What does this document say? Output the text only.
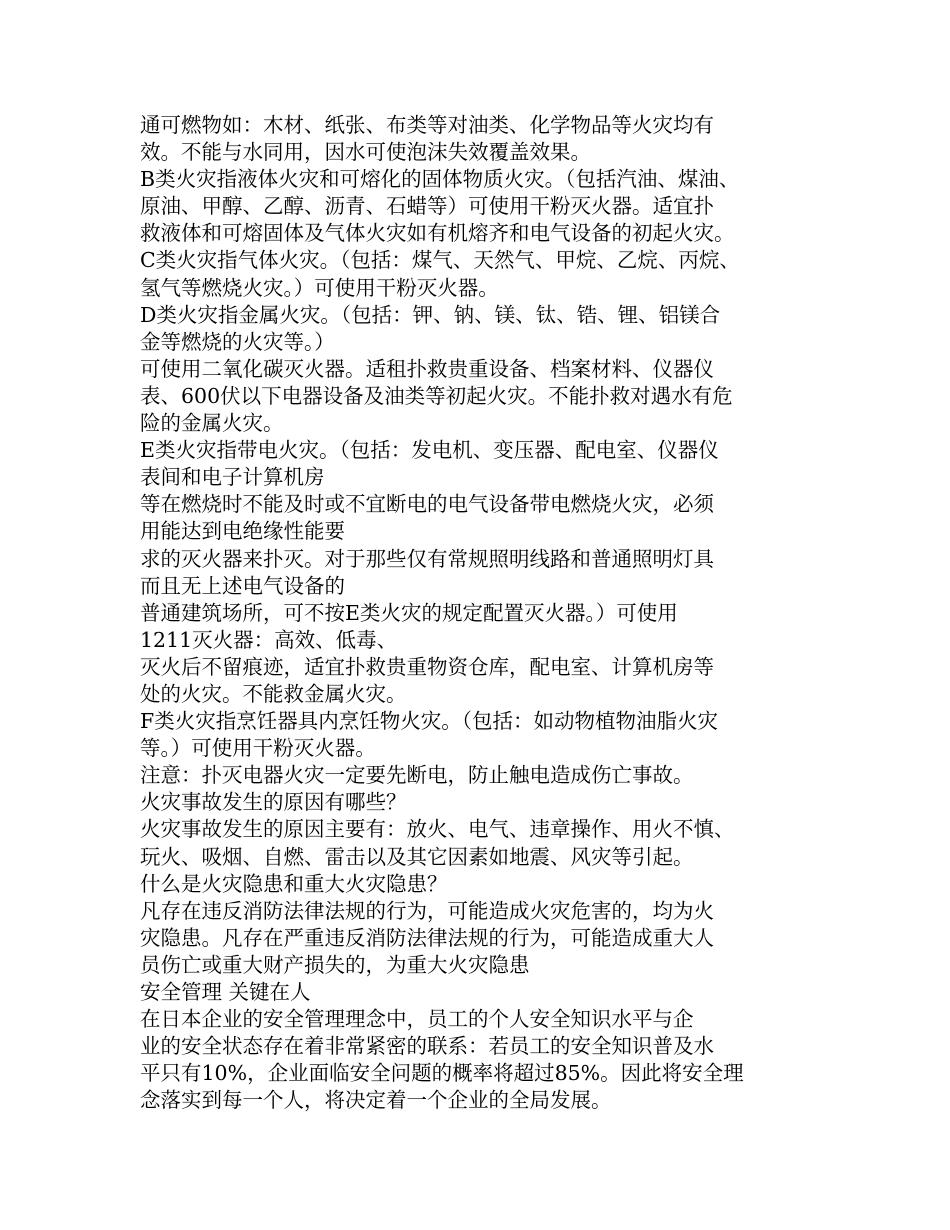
通可燃物如：木材、纸张、布类等对油类、化学物品等火灾均有
效。不能与水同用，因水可使泡沫失效覆盖效果。
B类火灾指液体火灾和可熔化的固体物质火灾。（包括汽油、煤油、
原油、甲醇、乙醇、沥青、石蜡等）可使用干粉灭火器。适宜扑
救液体和可熔固体及气体火灾如有机熔齐和电气设备的初起火灾。
C类火灾指气体火灾。（包括：煤气、天然气、甲烷、乙烷、丙烷、
氢气等燃烧火灾。）可使用干粉灭火器。
D类火灾指金属火灾。（包括：钾、钠、镁、钛、锆、锂、铝镁合
金等燃烧的火灾等。）
可使用二氧化碳灭火器。适租扑救贵重设备、档案材料、仪器仪
表、600伏以下电器设备及油类等初起火灾。不能扑救对遇水有危
险的金属火灾。
E类火灾指带电火灾。（包括：发电机、变压器、配电室、仪器仪
表间和电子计算机房
等在燃烧时不能及时或不宜断电的电气设备带电燃烧火灾，必须
用能达到电绝缘性能要
求的灭火器来扑灭。对于那些仅有常规照明线路和普通照明灯具
而且无上述电气设备的
普通建筑场所，可不按E类火灾的规定配置灭火器。）可使用
1211灭火器：高效、低毒、
灭火后不留痕迹，适宜扑救贵重物资仓库，配电室、计算机房等
处的火灾。不能救金属火灾。
F类火灾指烹饪器具内烹饪物火灾。（包括：如动物植物油脂火灾
等。）可使用干粉灭火器。
注意：扑灭电器火灾一定要先断电，防止触电造成伤亡事故。
火灾事故发生的原因有哪些？
火灾事故发生的原因主要有：放火、电气、违章操作、用火不慎、
玩火、吸烟、自燃、雷击以及其它因素如地震、风灾等引起。
什么是火灾隐患和重大火灾隐患？
凡存在违反消防法律法规的行为，可能造成火灾危害的，均为火
灾隐患。凡存在严重违反消防法律法规的行为，可能造成重大人
员伤亡或重大财产损失的，为重大火灾隐患
安全管理 关键在人
在日本企业的安全管理理念中，员工的个人安全知识水平与企
业的安全状态存在着非常紧密的联系：若员工的安全知识普及水
平只有10%，企业面临安全问题的概率将超过85%。因此将安全理
念落实到每一个人，将决定着一个企业的全局发展。
